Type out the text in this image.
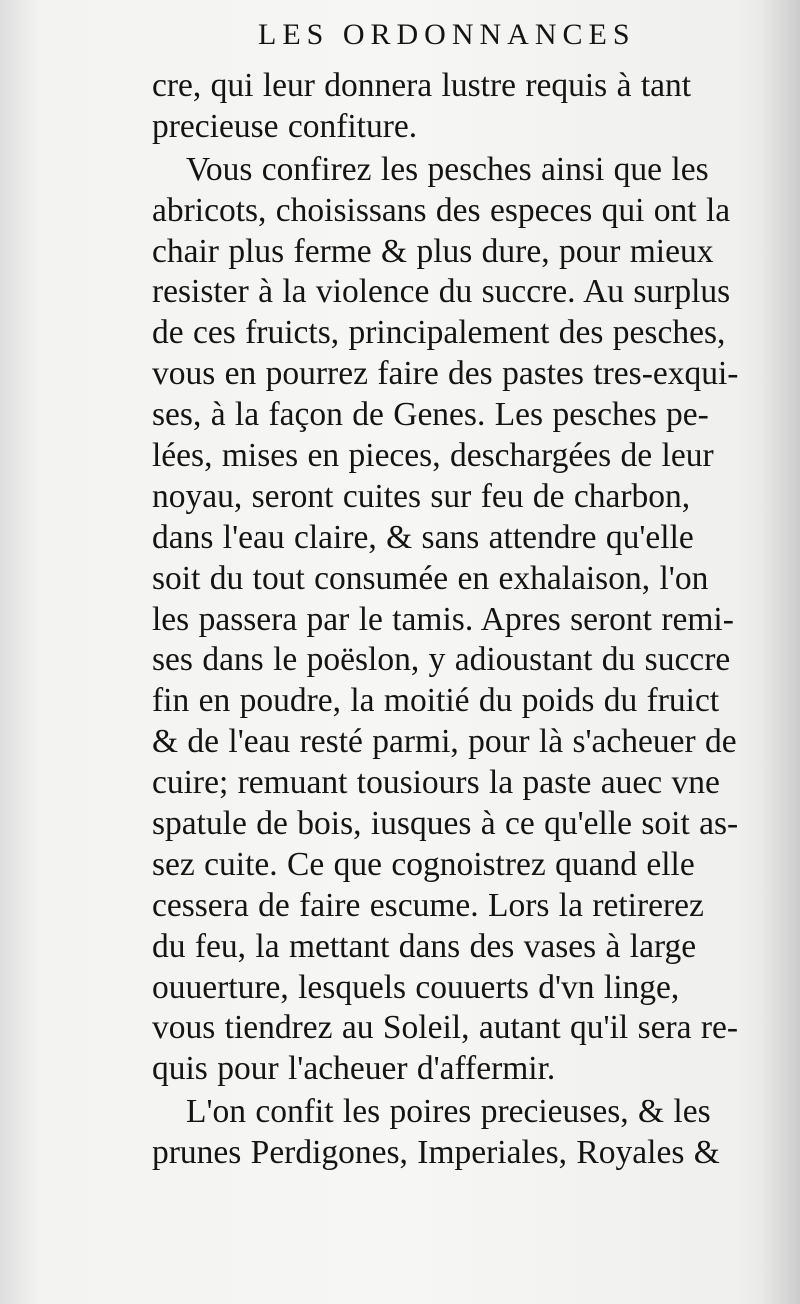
LES ORDONNANCES
cre, qui leur donnera lustre requis à tant
precieuse confiture.
Vous confirez les pesches ainsi que les
abricots, choisissans des especes qui ont la
chair plus ferme & plus dure, pour mieux
resister à la violence du succre. Au surplus
de ces fruicts, principalement des pesches,
vous en pourrez faire des pastes tres-exqui-
ses, à la façon de Genes. Les pesches pe-
lées, mises en pieces, deschargées de leur
noyau, seront cuites sur feu de charbon,
dans l'eau claire, & sans attendre qu'elle
soit du tout consumée en exhalaison, l'on
les passera par le tamis. Apres seront remi-
ses dans le poëslon, y adioustant du succre
fin en poudre, la moitié du poids du fruict
& de l'eau resté parmi, pour là s'acheuer de
cuire; remuant tousiours la paste auec vne
spatule de bois, iusques à ce qu'elle soit as-
sez cuite. Ce que cognoistrez quand elle
cessera de faire escume. Lors la retirerez
du feu, la mettant dans des vases à large
ouuerture, lesquels couuerts d'vn linge,
vous tiendrez au Soleil, autant qu'il sera re-
quis pour l'acheuer d'affermir.
L'on confit les poires precieuses, & les
prunes Perdigones, Imperiales, Royales &
